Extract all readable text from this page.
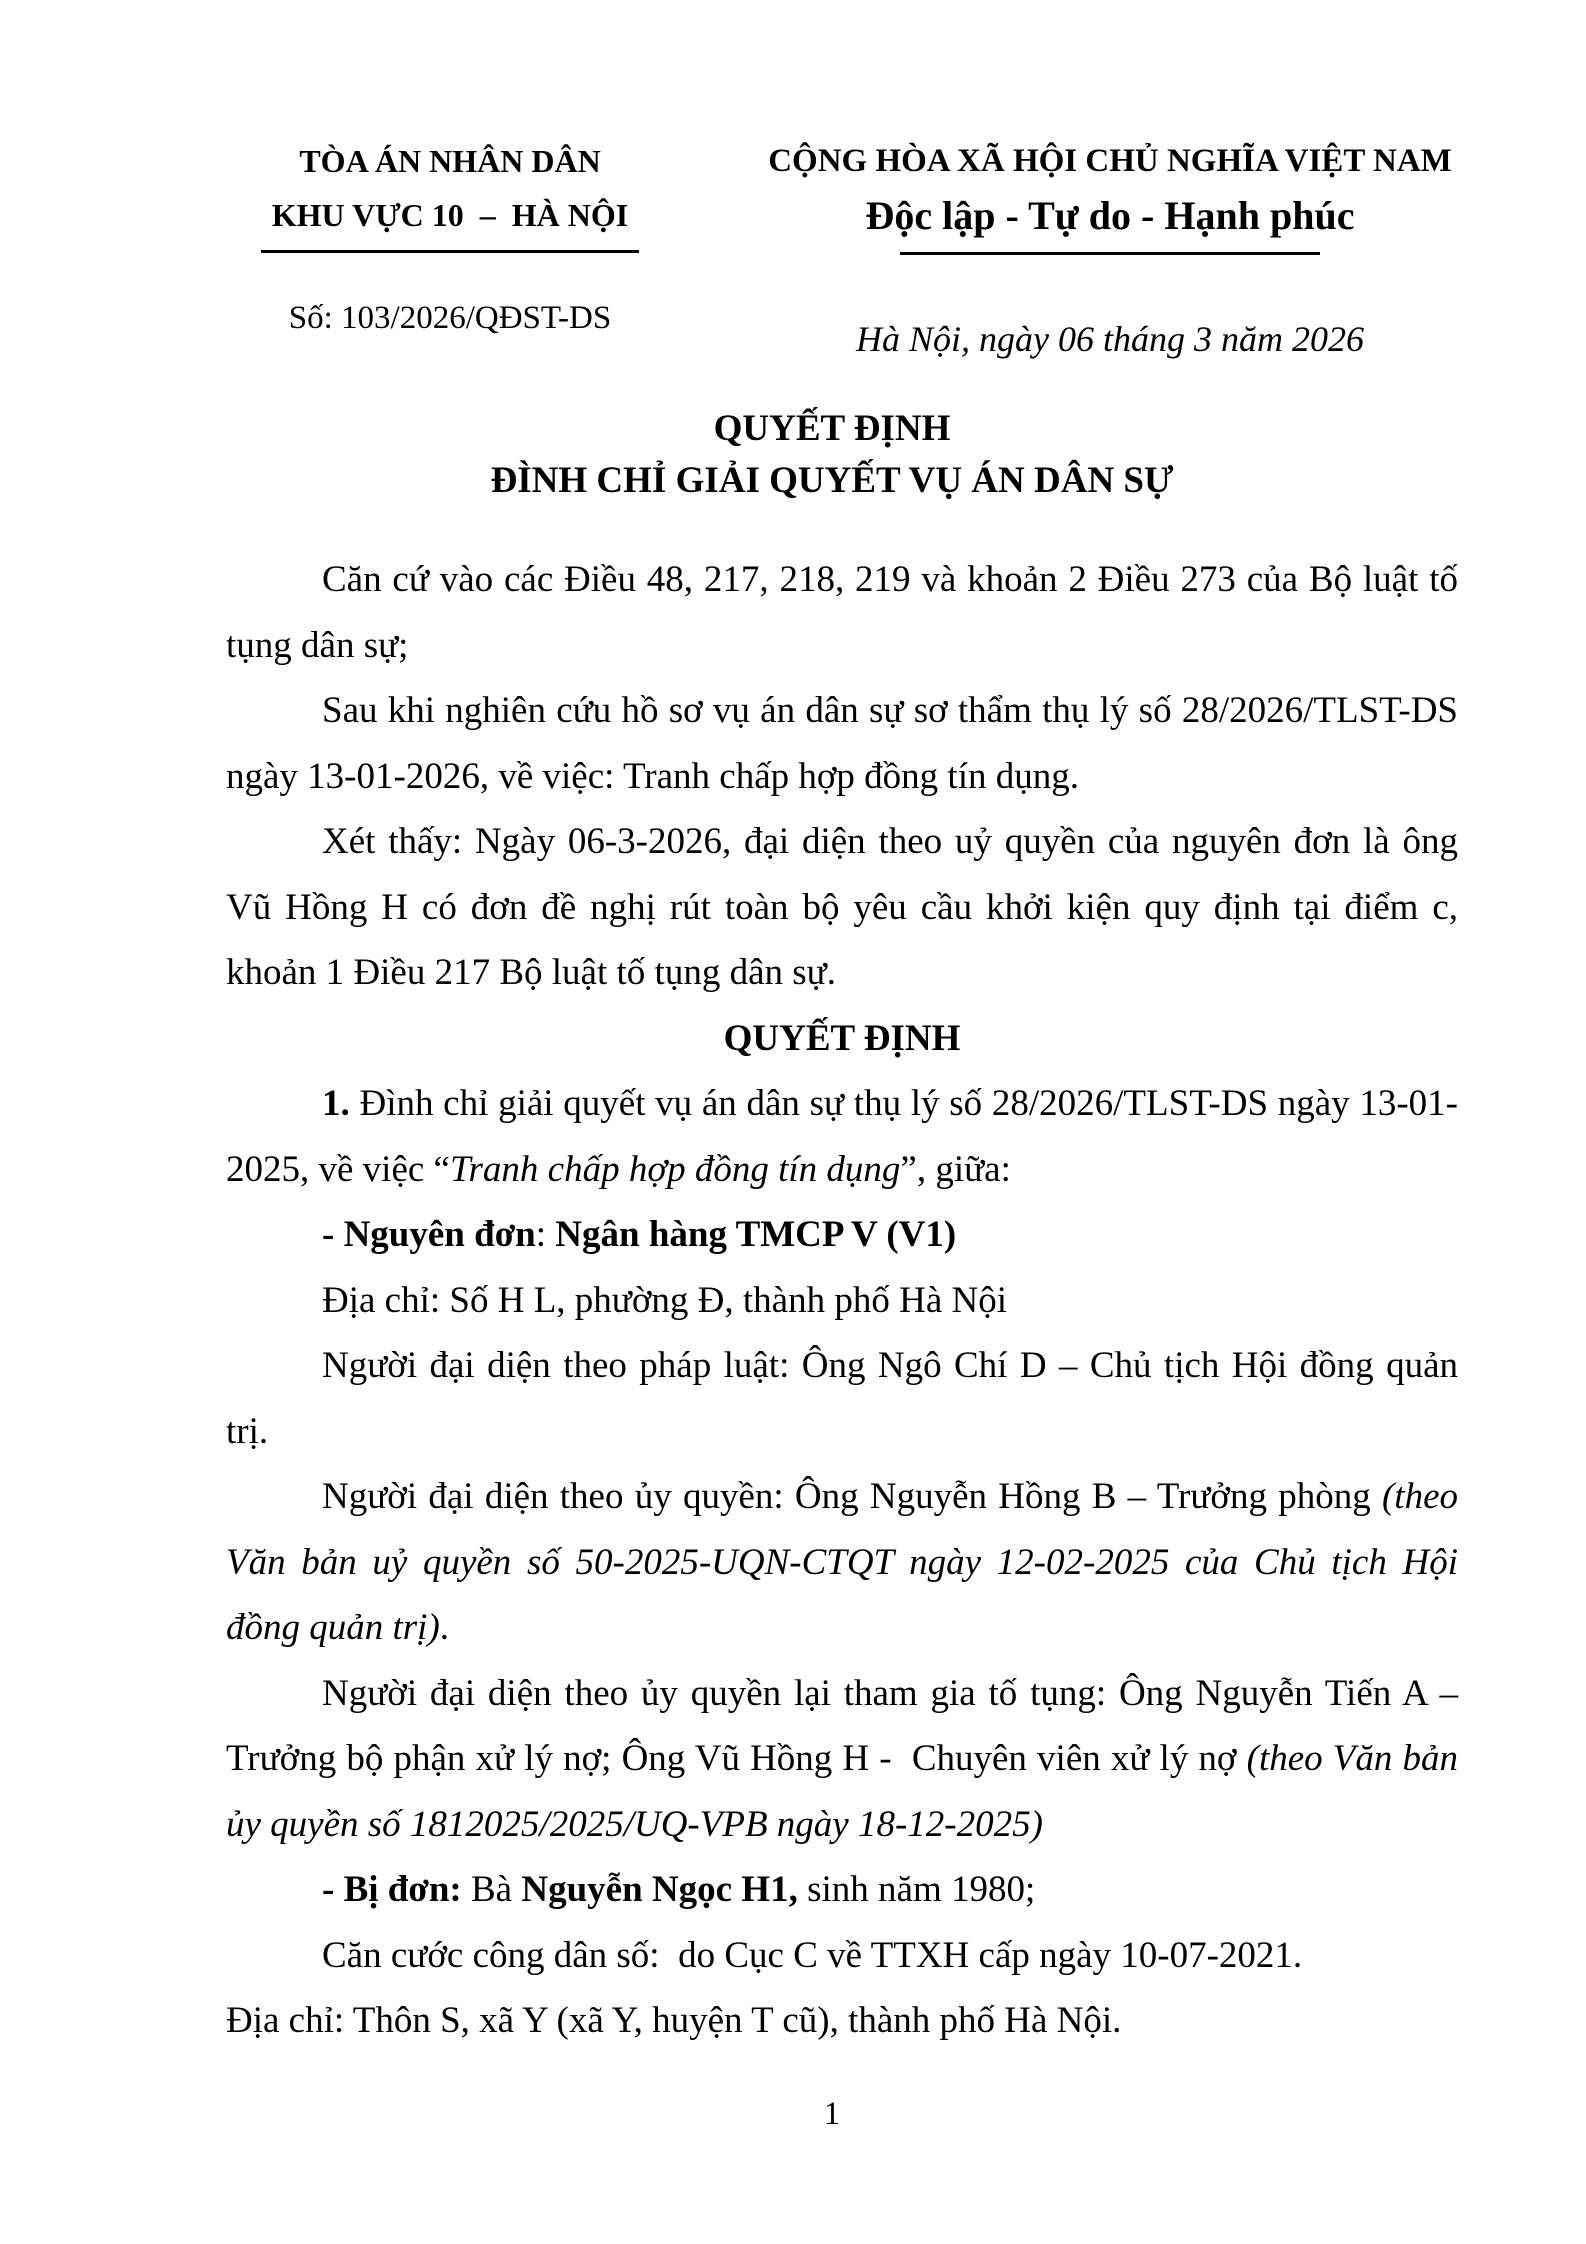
TÒA ÁN NHÂN DÂN
KHU VỰC 10  –  HÀ NỘI
Số: 103/2026/QĐST-DS
CỘNG HÒA XÃ HỘI CHỦ NGHĨA VIỆT NAM
Độc lập - Tự do - Hạnh phúc
Hà Nội, ngày 06 tháng 3 năm 2026
QUYẾT ĐỊNH
ĐÌNH CHỈ GIẢI QUYẾT VỤ ÁN DÂN SỰ

Căn cứ vào các Điều 48, 217, 218, 219 và khoản 2 Điều 273 của Bộ luật tố tụng dân sự;

Sau khi nghiên cứu hồ sơ vụ án dân sự sơ thẩm thụ lý số 28/2026/TLST-DS ngày 13-01-2026, về việc: Tranh chấp hợp đồng tín dụng.

Xét thấy: Ngày 06-3-2026, đại diện theo uỷ quyền của nguyên đơn là ông Vũ Hồng H có đơn đề nghị rút toàn bộ yêu cầu khởi kiện quy định tại điểm c, khoản 1 Điều 217 Bộ luật tố tụng dân sự.

QUYẾT ĐỊNH

1. Đình chỉ giải quyết vụ án dân sự thụ lý số 28/2026/TLST-DS ngày 13-01-2025, về việc “Tranh chấp hợp đồng tín dụng”, giữa:

- Nguyên đơn: Ngân hàng TMCP V (V1)

Địa chỉ: Số H L, phường Đ, thành phố Hà Nội

Người đại diện theo pháp luật: Ông Ngô Chí D – Chủ tịch Hội đồng quản trị.

Người đại diện theo ủy quyền: Ông Nguyễn Hồng B – Trưởng phòng (theo Văn bản uỷ quyền số 50-2025-UQN-CTQT ngày 12-02-2025 của Chủ tịch Hội đồng quản trị).

Người đại diện theo ủy quyền lại tham gia tố tụng: Ông Nguyễn Tiến A – Trưởng bộ phận xử lý nợ; Ông Vũ Hồng H -  Chuyên viên xử lý nợ (theo Văn bản ủy quyền số 1812025/2025/UQ-VPB ngày 18-12-2025)

- Bị đơn: Bà Nguyễn Ngọc H1, sinh năm 1980;

Căn cước công dân số:  do Cục C về TTXH cấp ngày 10-07-2021.

Địa chỉ: Thôn S, xã Y (xã Y, huyện T cũ), thành phố Hà Nội.

1
